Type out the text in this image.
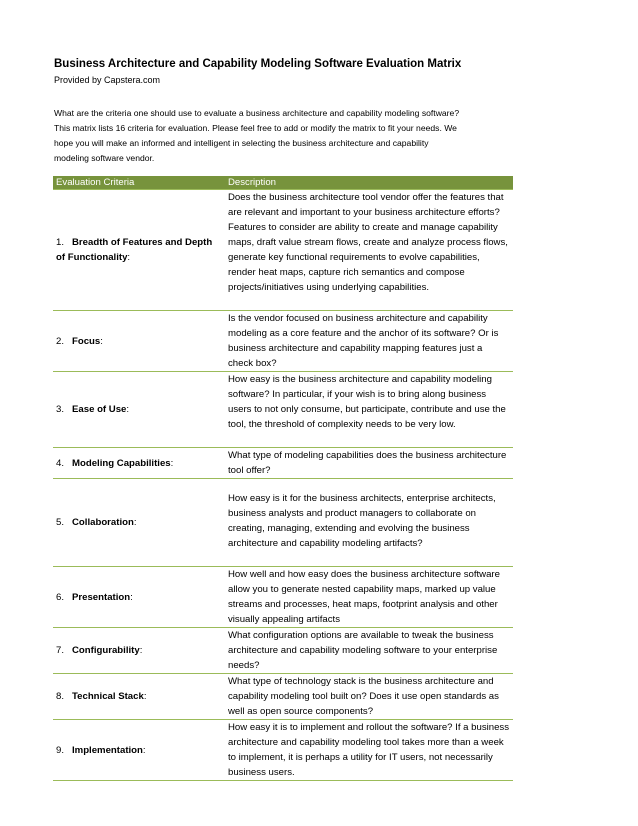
Business Architecture and Capability Modeling Software Evaluation Matrix
Provided by Capstera.com
What are the criteria one should use to evaluate a business architecture and capability modeling software?
This matrix lists 16 criteria for evaluation. Please feel free to add or modify the matrix to fit your needs. We
hope you will make an informed and intelligent in selecting the business architecture and capability
modeling software vendor.
Evaluation Criteria	Description

1. Breadth of Features and Depth of Functionality:	Does the business architecture tool vendor offer the features that are relevant and important to your business architecture efforts? Features to consider are ability to create and manage capability maps, draft value stream flows, create and analyze process flows, generate key functional requirements to evolve capabilities, render heat maps, capture rich semantics and compose projects/initiatives using underlying capabilities.
2. Focus:	Is the vendor focused on business architecture and capability modeling as a core feature and the anchor of its software? Or is business architecture and capability mapping features just a check box?
3. Ease of Use:	How easy is the business architecture and capability modeling software? In particular, if your wish is to bring along business users to not only consume, but participate, contribute and use the tool, the threshold of complexity needs to be very low.
4. Modeling Capabilities:	What type of modeling capabilities does the business architecture tool offer?
5. Collaboration:	How easy is it for the business architects, enterprise architects, business analysts and product managers to collaborate on creating, managing, extending and evolving the business architecture and capability modeling artifacts?
6. Presentation:	How well and how easy does the business architecture software allow you to generate nested capability maps, marked up value streams and processes, heat maps, footprint analysis and other visually appealing artifacts
7. Configurability:	What configuration options are available to tweak the business architecture and capability modeling software to your enterprise needs?
8. Technical Stack:	What type of technology stack is the business architecture and capability modeling tool built on? Does it use open standards as well as open source components?
9. Implementation:	How easy it is to implement and rollout the software? If a business architecture and capability modeling tool takes more than a week to implement, it is perhaps a utility for IT users, not necessarily business users.
